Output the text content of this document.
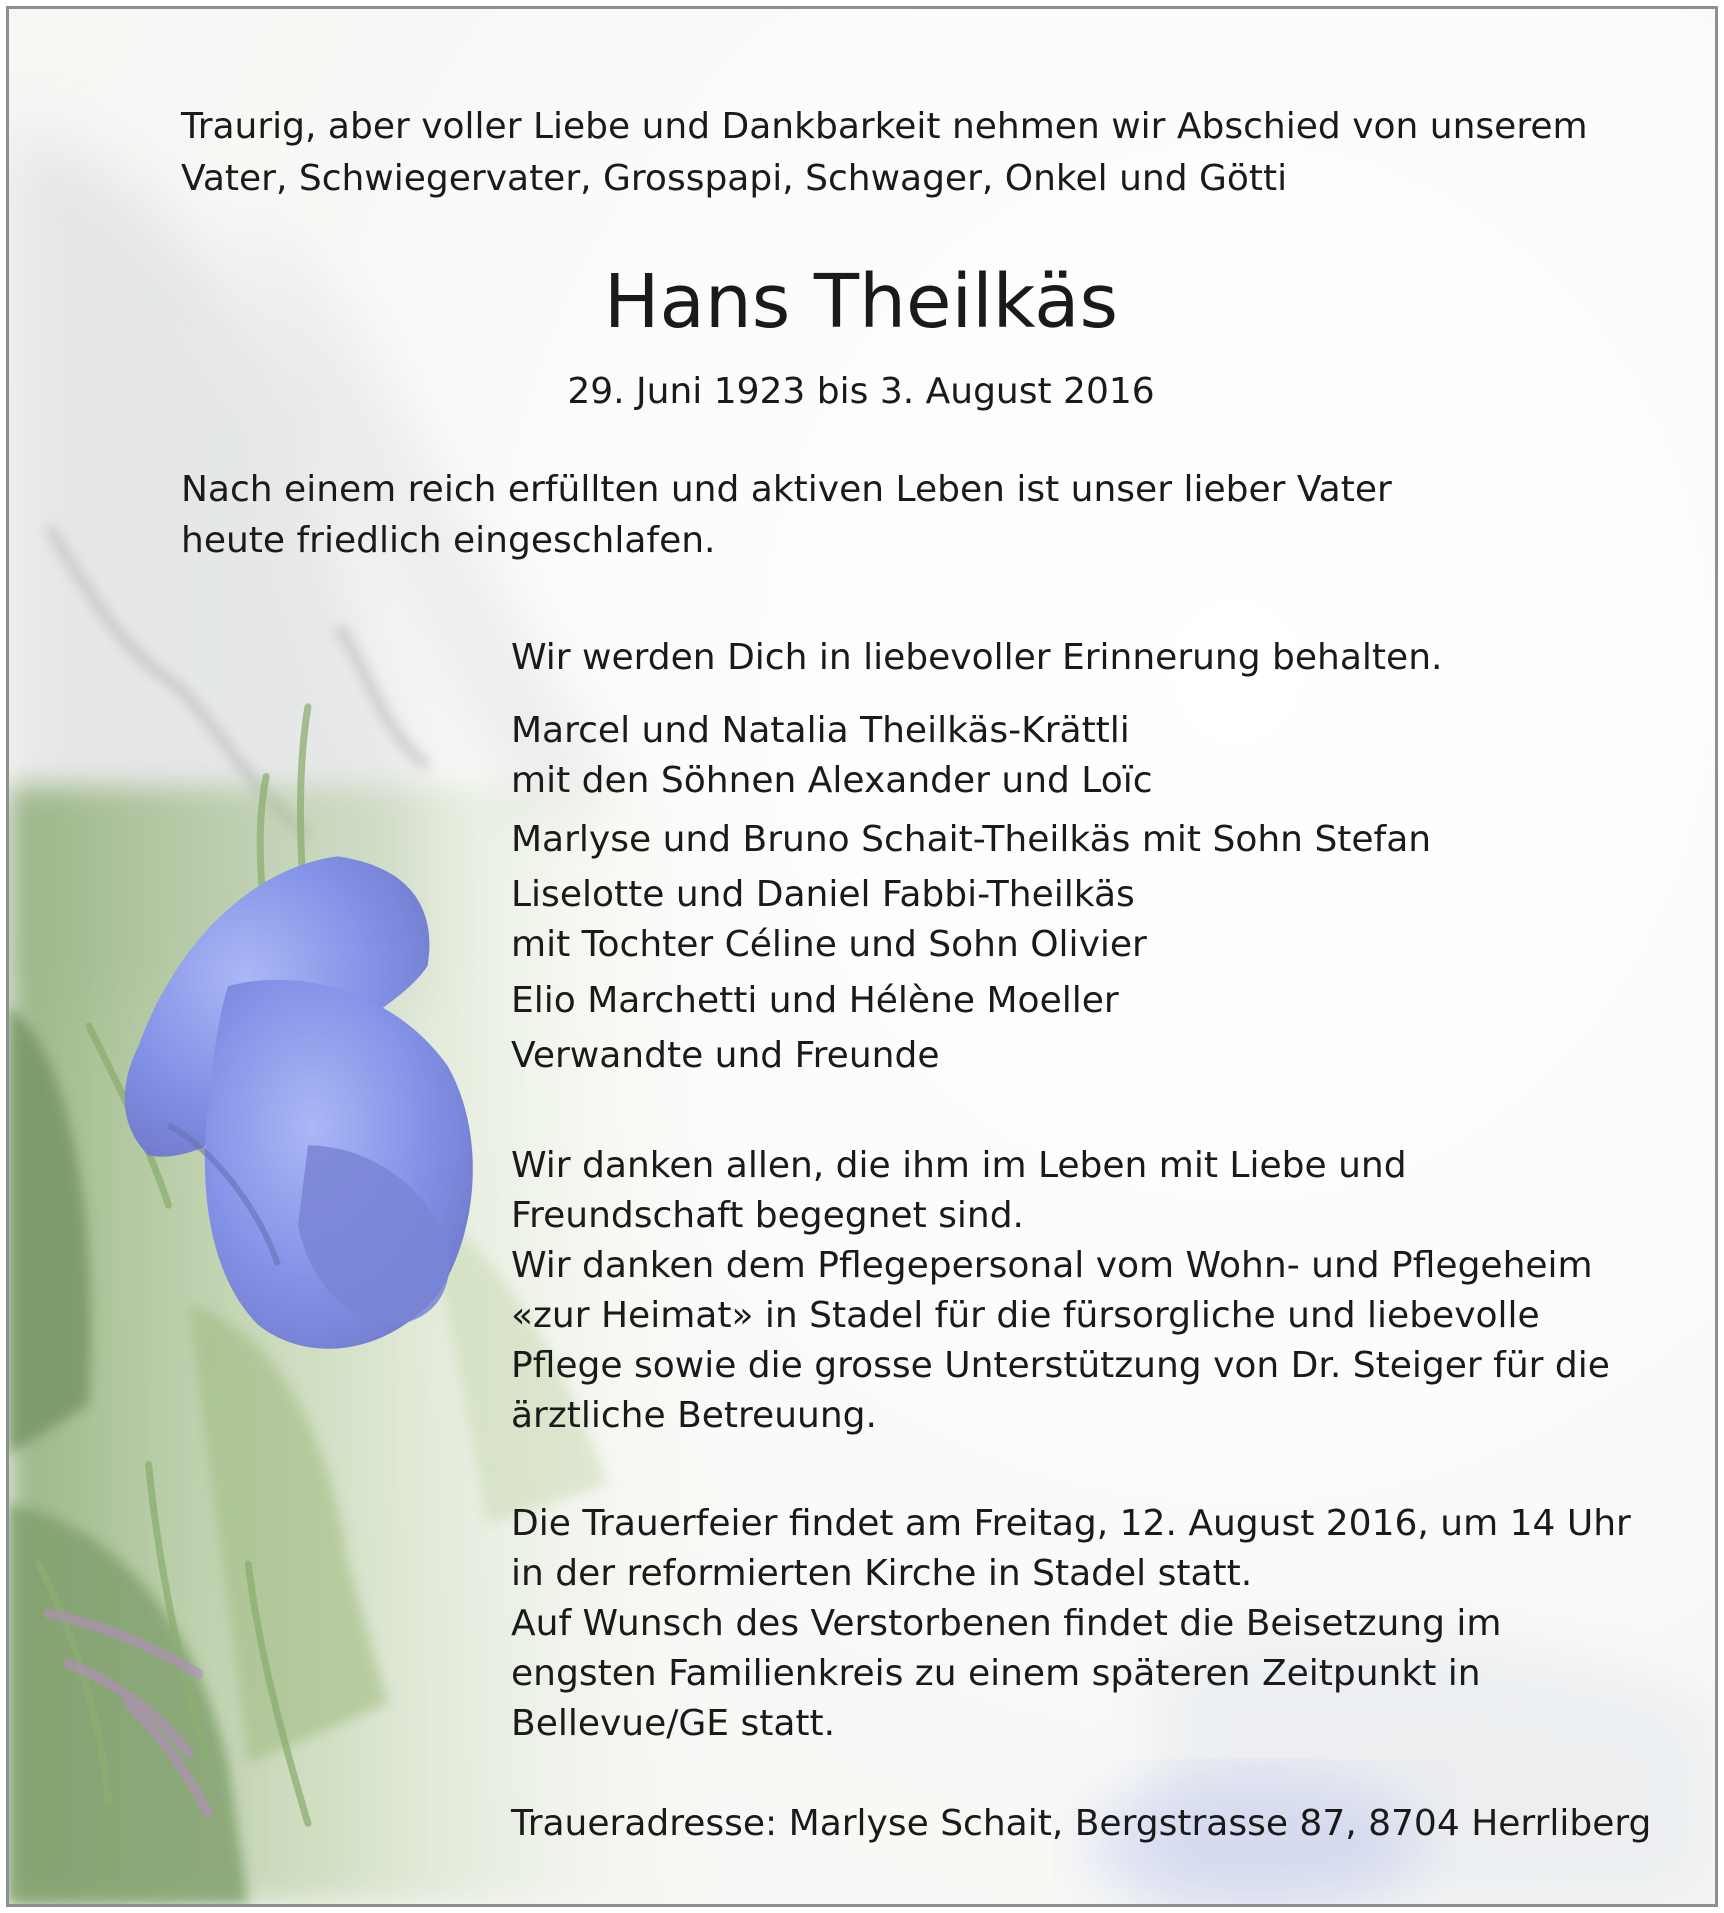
Traurig, aber voller Liebe und Dankbarkeit nehmen wir Abschied von unserem
Vater, Schwiegervater, Grosspapi, Schwager, Onkel und Götti
Hans Theilkäs
29. Juni 1923 bis 3. August 2016
Nach einem reich erfüllten und aktiven Leben ist unser lieber Vater
heute friedlich eingeschlafen.
Wir werden Dich in liebevoller Erinnerung behalten.
Marcel und Natalia Theilkäs-Krättli
mit den Söhnen Alexander und Loïc
Marlyse und Bruno Schait-Theilkäs mit Sohn Stefan
Liselotte und Daniel Fabbi-Theilkäs
mit Tochter Céline und Sohn Olivier
Elio Marchetti und Hélène Moeller
Verwandte und Freunde
Wir danken allen, die ihm im Leben mit Liebe und
Freundschaft begegnet sind.
Wir danken dem Pflegepersonal vom Wohn- und Pflegeheim
«zur Heimat» in Stadel für die fürsorgliche und liebevolle
Pflege sowie die grosse Unterstützung von Dr. Steiger für die
ärztliche Betreuung.
Die Trauerfeier findet am Freitag, 12. August 2016, um 14 Uhr
in der reformierten Kirche in Stadel statt.
Auf Wunsch des Verstorbenen findet die Beisetzung im
engsten Familienkreis zu einem späteren Zeitpunkt in
Bellevue/GE statt.
Traueradresse: Marlyse Schait, Bergstrasse 87, 8704 Herrliberg
